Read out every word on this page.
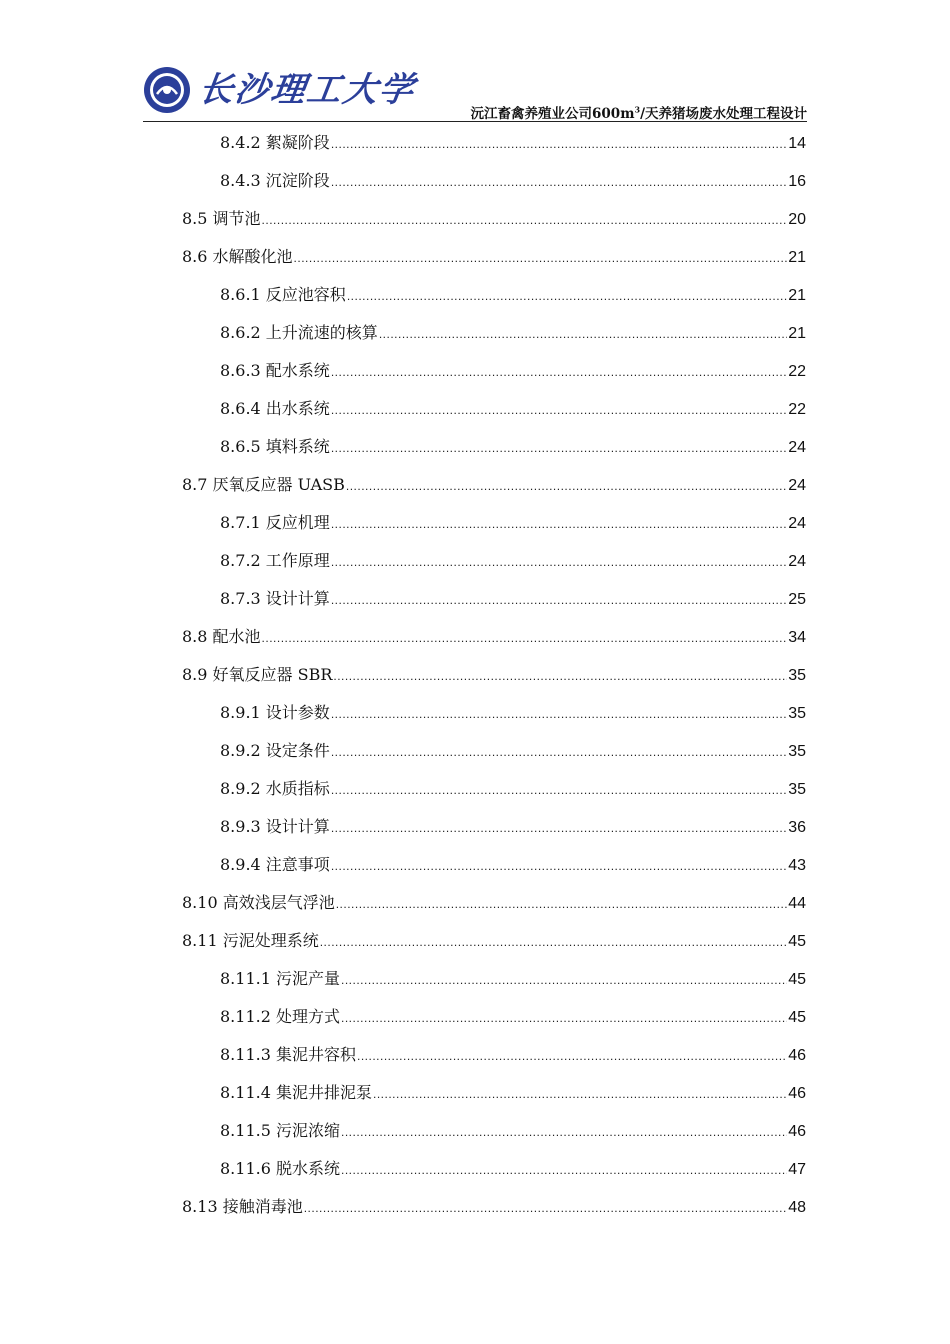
长沙理工大学
沅江畜禽养殖业公司$600m^3/$天养猪场废水处理工程设计
8.4.2 絮凝阶段 .....	14
8.4.3 沉淀阶段 .....	16
8.5 调节池 .....	20
8.6 水解酸化池 .....	21
8.6.1 反应池容积 .....	21
8.6.2 上升流速的核算 .....	21
8.6.3 配水系统 .....	22
8.6.4 出水系统 .....	22
8.6.5 填料系统 .....	24
8.7 厌氧反应器 UASB .....	24
8.7.1 反应机理 .....	24
8.7.2 工作原理 .....	24
8.7.3 设计计算 .....	25
8.8 配水池 .....	34
8.9 好氧反应器 SBR .....	35
8.9.1 设计参数 .....	35
8.9.2 设定条件 .....	35
8.9.2 水质指标 .....	35
8.9.3 设计计算 .....	36
8.9.4 注意事项 .....	43
8.10 高效浅层气浮池 .....	44
8.11 污泥处理系统 .....	45
8.11.1 污泥产量 .....	45
8.11.2 处理方式 .....	45
8.11.3 集泥井容积 .....	46
8.11.4 集泥井排泥泵 .....	46
8.11.5 污泥浓缩 .....	46
8.11.6 脱水系统 .....	47
8.13 接触消毒池 .....	48
